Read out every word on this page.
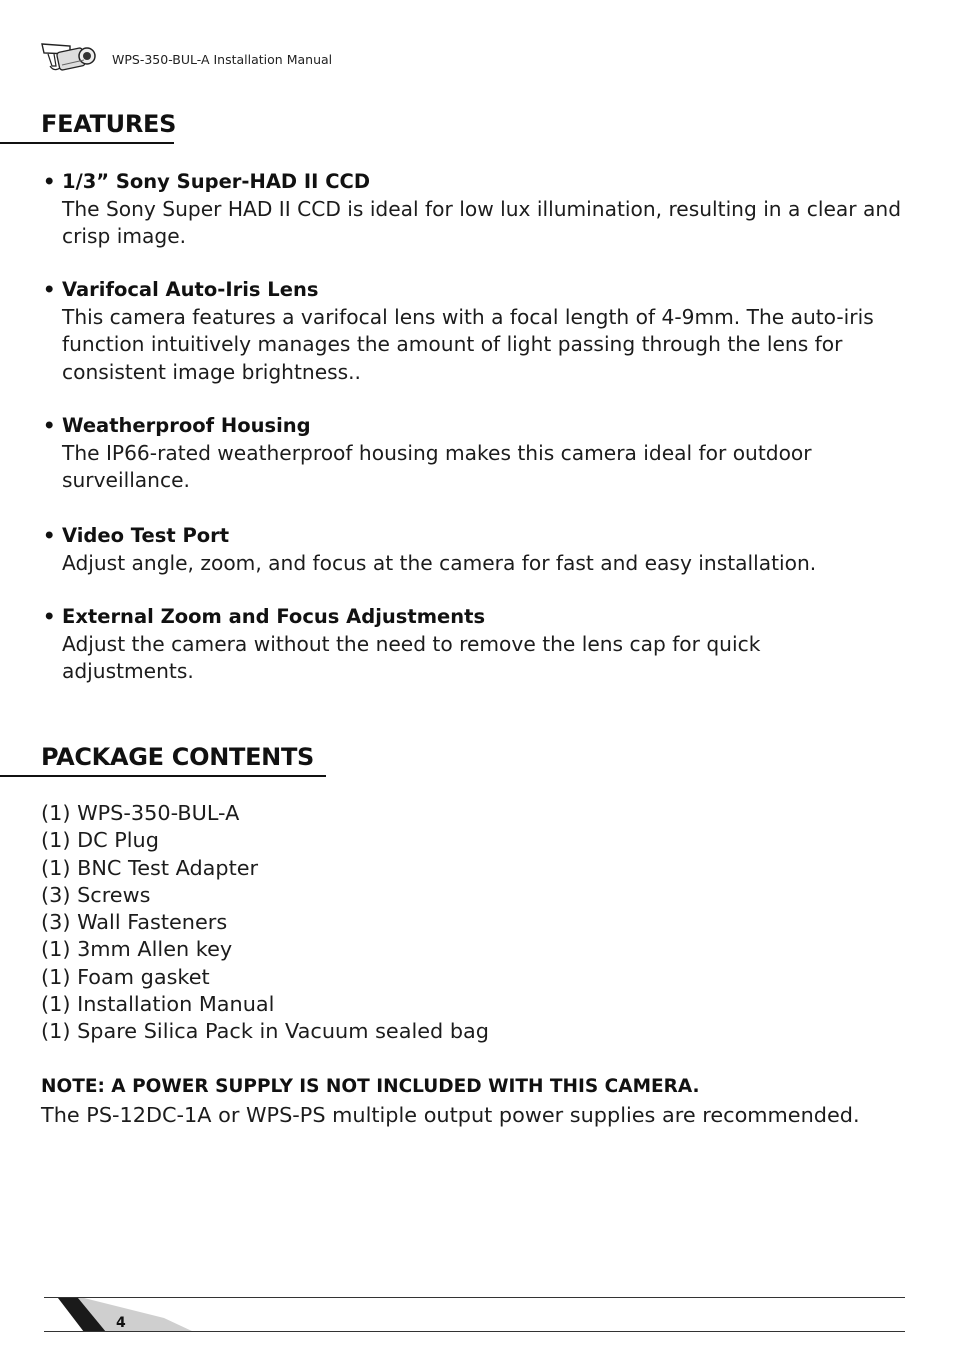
WPS-350-BUL-A Installation Manual
FEATURES
• 1/3” Sony Super-HAD II CCD
The Sony Super HAD II CCD is ideal for low lux illumination, resulting in a clear and crisp image.
• Varifocal Auto-Iris Lens
This camera features a varifocal lens with a focal length of 4-9mm. The auto-iris function intuitively manages the amount of light passing through the lens for consistent image brightness..
• Weatherproof Housing
The IP66-rated weatherproof housing makes this camera ideal for outdoor surveillance.
• Video Test Port
Adjust angle, zoom, and focus at the camera for fast and easy installation.
• External Zoom and Focus Adjustments
Adjust the camera without the need to remove the lens cap for quick adjustments.
PACKAGE CONTENTS
(1) WPS-350-BUL-A
(1) DC Plug
(1) BNC Test Adapter
(3) Screws
(3) Wall Fasteners
(1) 3mm Allen key
(1) Foam gasket
(1) Installation Manual
(1) Spare Silica Pack in Vacuum sealed bag
NOTE: A POWER SUPPLY IS NOT INCLUDED WITH THIS CAMERA.
The PS-12DC-1A or WPS-PS multiple output power supplies are recommended.
4
